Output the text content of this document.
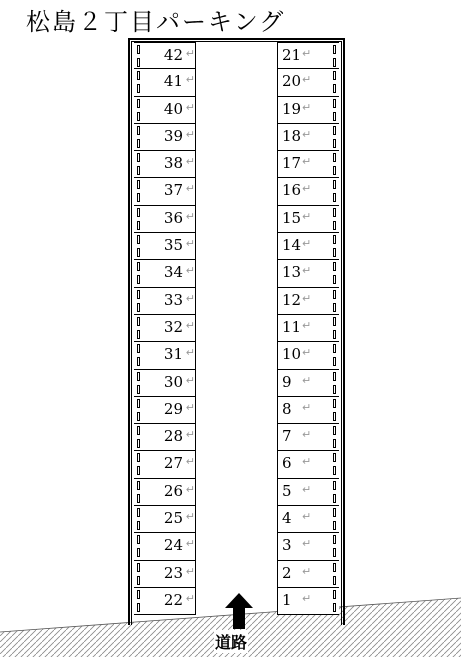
松島２丁目パーキング
42 ↵
41 ↵
40 ↵
39 ↵
38 ↵
37 ↵
36 ↵
35 ↵
34 ↵
33 ↵
32 ↵
31 ↵
30 ↵
29 ↵
28 ↵
27 ↵
26 ↵
25 ↵
24 ↵
23 ↵
22 ↵
21 ↵
20 ↵
19 ↵
18 ↵
17 ↵
16 ↵
15 ↵
14 ↵
13 ↵
12 ↵
11 ↵
10 ↵
9 ↵
8 ↵
7 ↵
6 ↵
5 ↵
4 ↵
3 ↵
2 ↵
1 ↵
道路
